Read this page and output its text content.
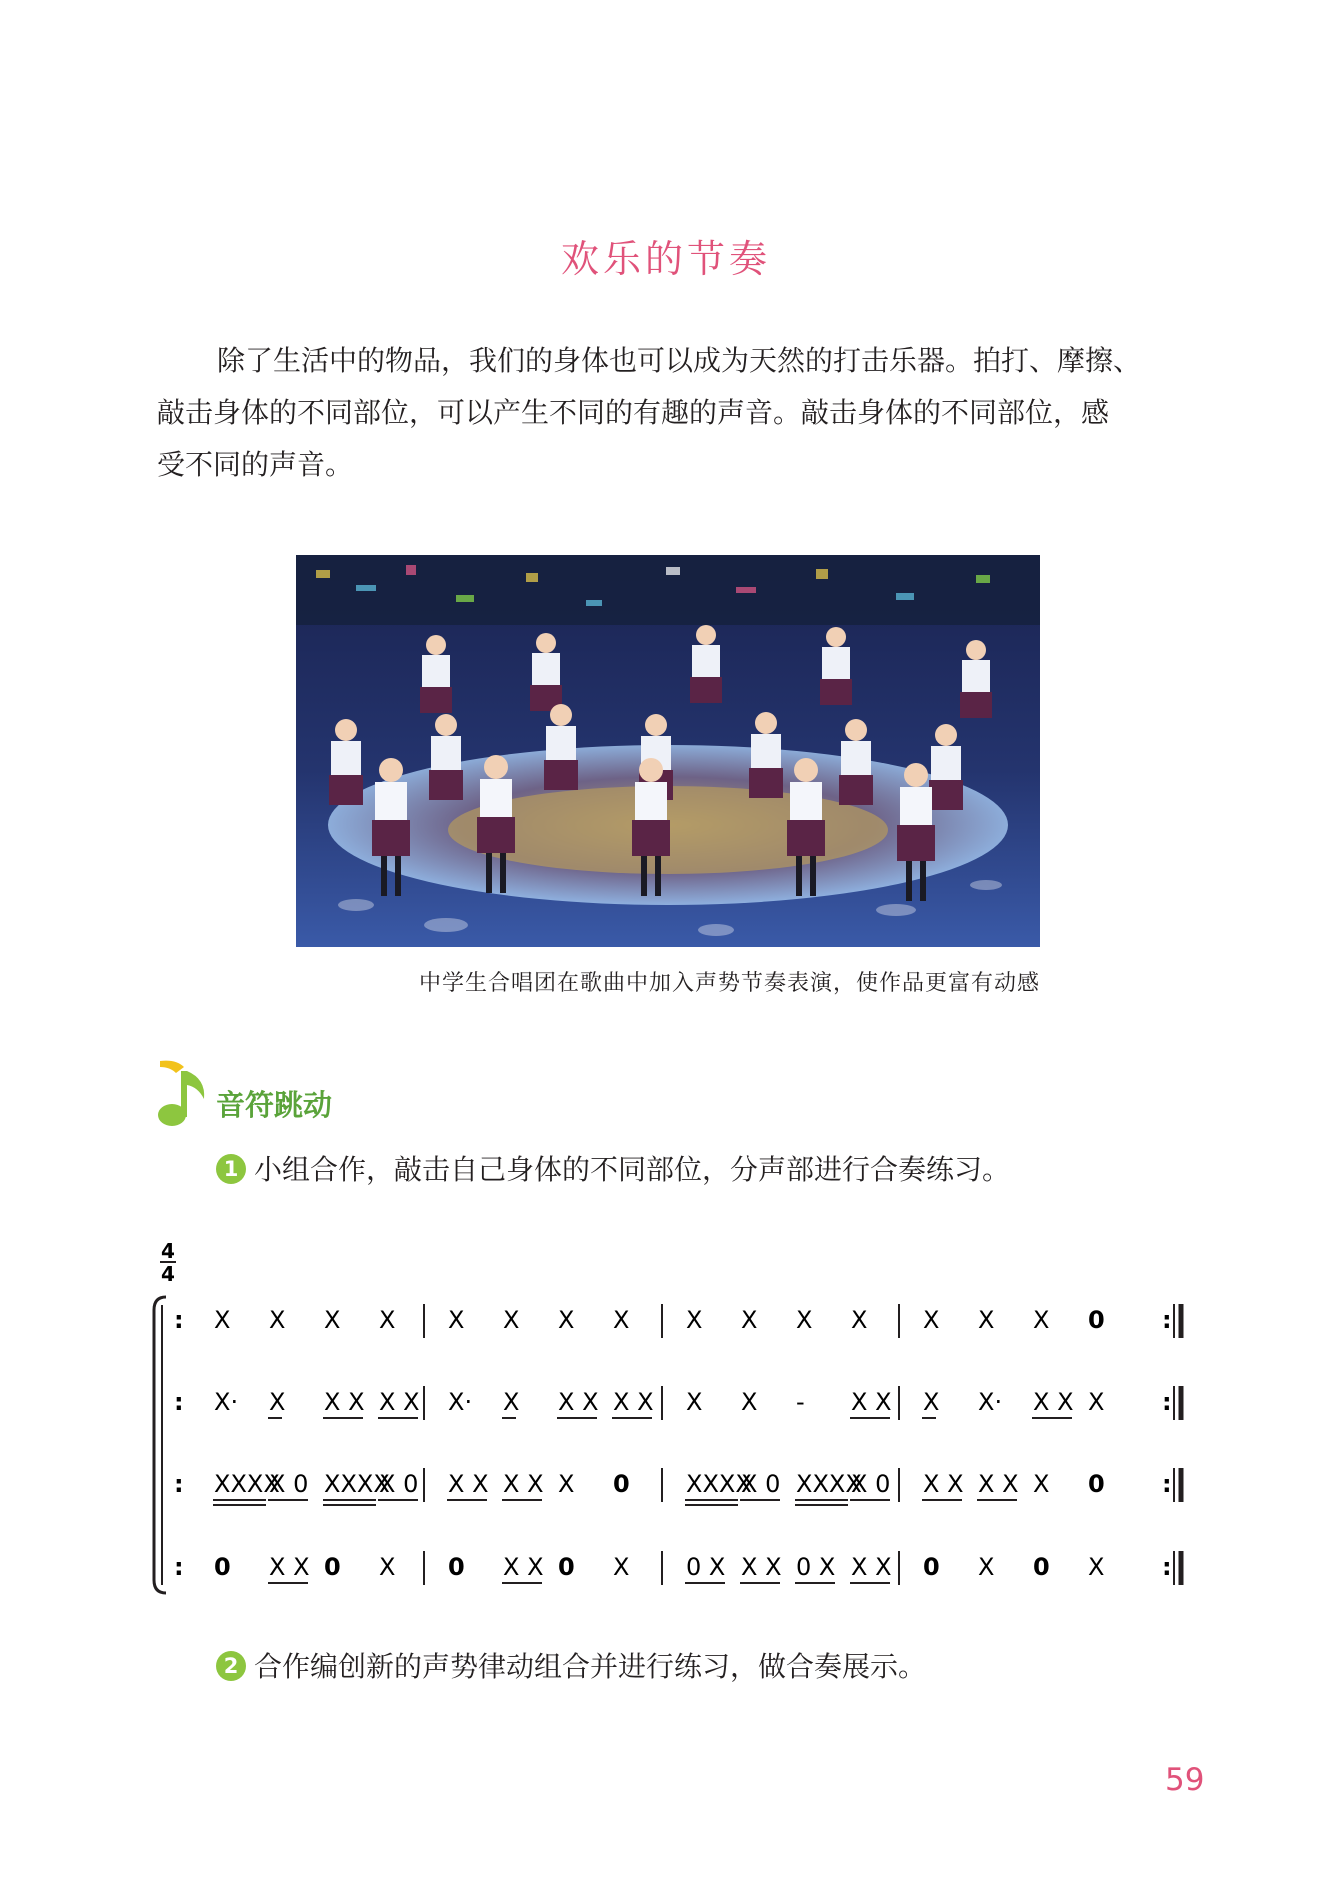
欢乐的节奏

除了生活中的物品，我们的身体也可以成为天然的打击乐器。拍打、摩擦、
敲击身体的不同部位，可以产生不同的有趣的声音。敲击身体的不同部位，感
受不同的声音。

中学生合唱团在歌曲中加入声势节奏表演，使作品更富有动感
音符跳动
1 小组合作，敲击自己身体的不同部位，分声部进行合奏练习。
4
4
: X X X X X X X X X X X X X X X 0 :
: X· X X X X X X· X X X X X X X - X X X X· X X X :
: XXXX
X 0 XXXX
X 0 X X X X X 0 XXXX
X 0 XXXX
X 0 X X X X X 0 :
: 0 X X 0 X 0 X X 0 X 0 X X X 0 X X X 0 X 0 X :
2 合作编创新的声势律动组合并进行练习，做合奏展示。
59
